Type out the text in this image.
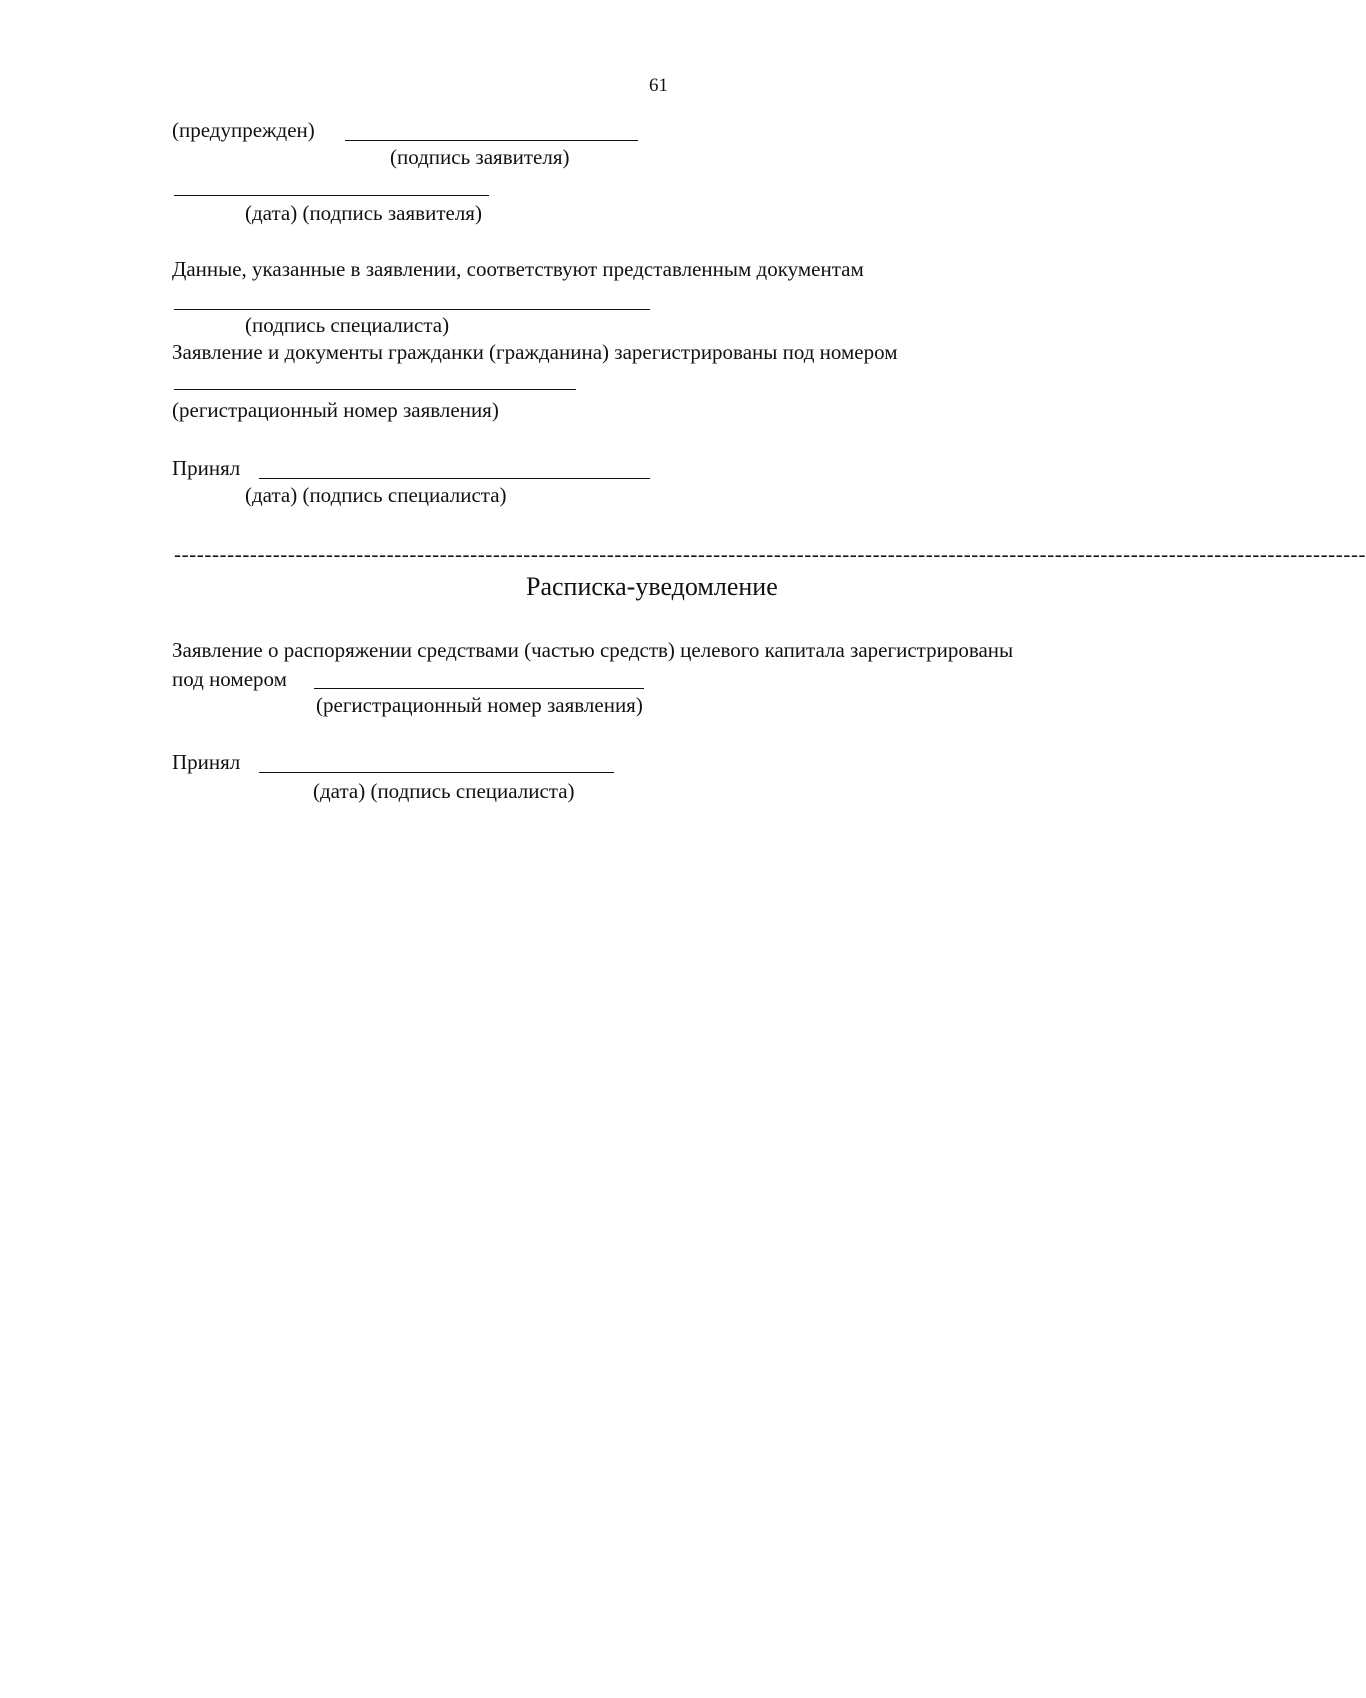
61
(предупрежден)
(подпись заявителя)
(дата) (подпись заявителя)
Данные, указанные в заявлении, соответствуют представленным документам
(подпись специалиста)
Заявление и документы гражданки (гражданина) зарегистрированы под номером
(регистрационный номер заявления)
Принял
(дата) (подпись специалиста)
-------------------------------------------------------------------------------------------------------------------------------------------------------------
Расписка-уведомление
Заявление о распоряжении средствами (частью средств) целевого капитала зарегистрированы
под номером
(регистрационный номер заявления)
Принял
(дата) (подпись специалиста)
